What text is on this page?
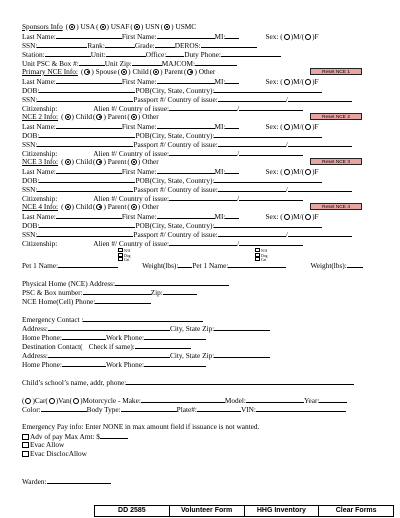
Sponsors Info ( ) USA( ) USAF( ) USN( ) USMC
Last Name:	First Name:	MI:	Sex: ( )M/( )F
SSN:	Rank:	Grade:	DEROS:
Station:	Unit:	Office: Duty Phone:
Unit PSC & Box #:	Unit Zip:	MAJCOM:
Primary NCE Info: ( ) Spouse( ) Child( ) Parent( ) Other	Reset NCE 1
Last Name:	First Name:	MI:	Sex: ( )M/( )F
DOB:	POB(City, State, Country):
SSN:	Passport #/ Country of issue:	/
Citizenship:	Alien #/ Country of issue:	/
NCE 2 Info: ( ) Child( ) Parent( ) Other	Reset NCE 2
Last Name:	First Name:	MI:	Sex: ( )M/( )F
DOB:	POB(City, State, Country):
SSN:	Passport #/ Country of issue:	/
Citizenship:	Alien #/ Country of issue:	/
NCE 3 Info: ( ) Child( ) Parent( ) Other	Reset NCE 3
Last Name:	First Name:	MI:	Sex: ( )M/( )F
DOB:	POB(City, State, Country):
SSN:	Passport #/ Country of issue:	/
Citizenship:	Alien #/ Country of issue:	/
NCE 4 Info: ( ) Child( ) Parent( ) Other	Reset NCE 4
Last Name:	First Name:	MI:	Sex: ( )M/( )F
DOB:	POB(City, State, Country):
SSN:	Passport #/ Country of issue:	/
Citizenship:	Alien #/ Country of issue:	/
N/A
Dog
Cat
N/A
Dog
Cat
Pet 1 Name:	Weight(lbs): Pet 1 Name:	Weight(lbs):
Physical Home (NCE) Address:
PSC & Box number:	Zip:
NCE Home(Cell) Phone:
Emergency Contact :
Address:	City, State Zip:
Home Phone:	Work Phone:
Destination Contact( Check if same):
Address:	City, State Zip:
Home Phone:	Work Phone:
Child’s school’s name, addr, phone:
( )Car( )Van( )Motorcycle - Make:	Model:	Year:
Color:	Body Type:	Plate#:	VIN:
Emergency Pay info: Enter NONE in max amount field if issuance is not wanted.
Adv of pay Max Amt: $
Evac Allow
Evac DisclocAllow
Warden:
DD 2585	Volunteer Form	HHG Inventory	Clear Forms
